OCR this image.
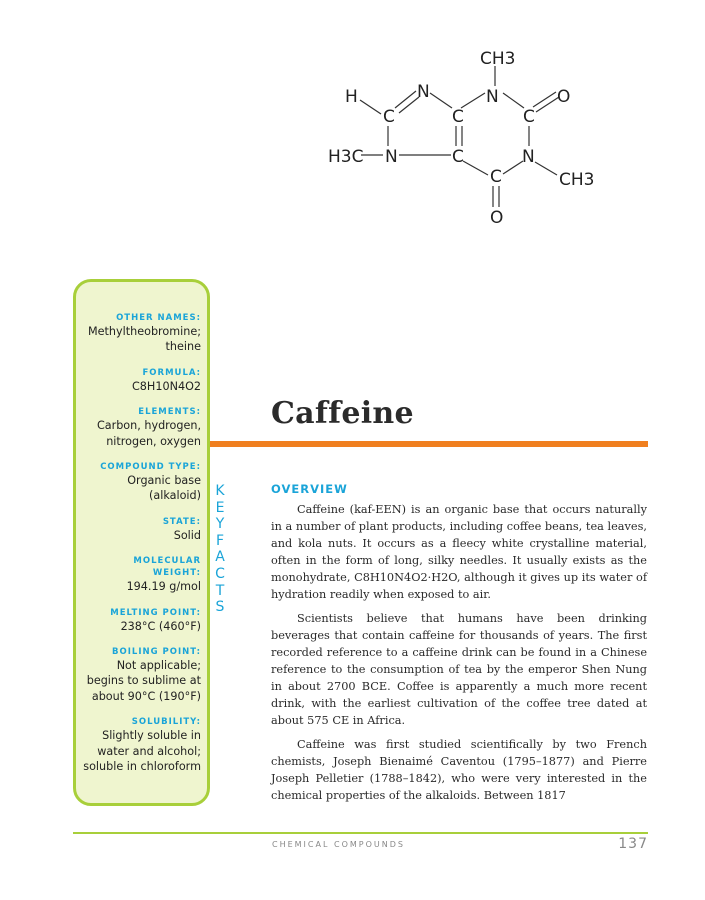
CH3
H	N	N	O
C	C	C
H3C N	C	N
C	CH3
O
OTHER NAMES:
Methyltheobromine;
theine
FORMULA:
C8H10N4O2
ELEMENTS:
Carbon, hydrogen,
nitrogen, oxygen
COMPOUND TYPE:
Organic base
(alkaloid)
STATE:
Solid
MOLECULAR WEIGHT:
194.19 g/mol
MELTING POINT:
238°C (460°F)
BOILING POINT:
Not applicable;
begins to sublime at
about 90°C (190°F)
SOLUBILITY:
Slightly soluble in
water and alcohol;
soluble in chloroform
KEY FACTS
Caffeine
OVERVIEW

Caffeine (kaf-EEN) is an organic base that occurs naturally in a number of plant products, including coffee beans, tea leaves, and kola nuts. It occurs as a fleecy white crystalline material, often in the form of long, silky needles. It usually exists as the monohydrate, C8H10N4O2·H2O, although it gives up its water of hydration readily when exposed to air.

Scientists believe that humans have been drinking beverages that contain caffeine for thousands of years. The first recorded reference to a caffeine drink can be found in a Chinese reference to the consumption of tea by the emperor Shen Nung in about 2700 BCE. Coffee is apparently a much more recent drink, with the earliest cultivation of the coffee tree dated at about 575 CE in Africa.

Caffeine was first studied scientifically by two French chemists, Joseph Bienaimé Caventou (1795–1877) and Pierre Joseph Pelletier (1788–1842), who were very interested in the chemical properties of the alkaloids. Between 1817

CHEMICAL COMPOUNDS	137
